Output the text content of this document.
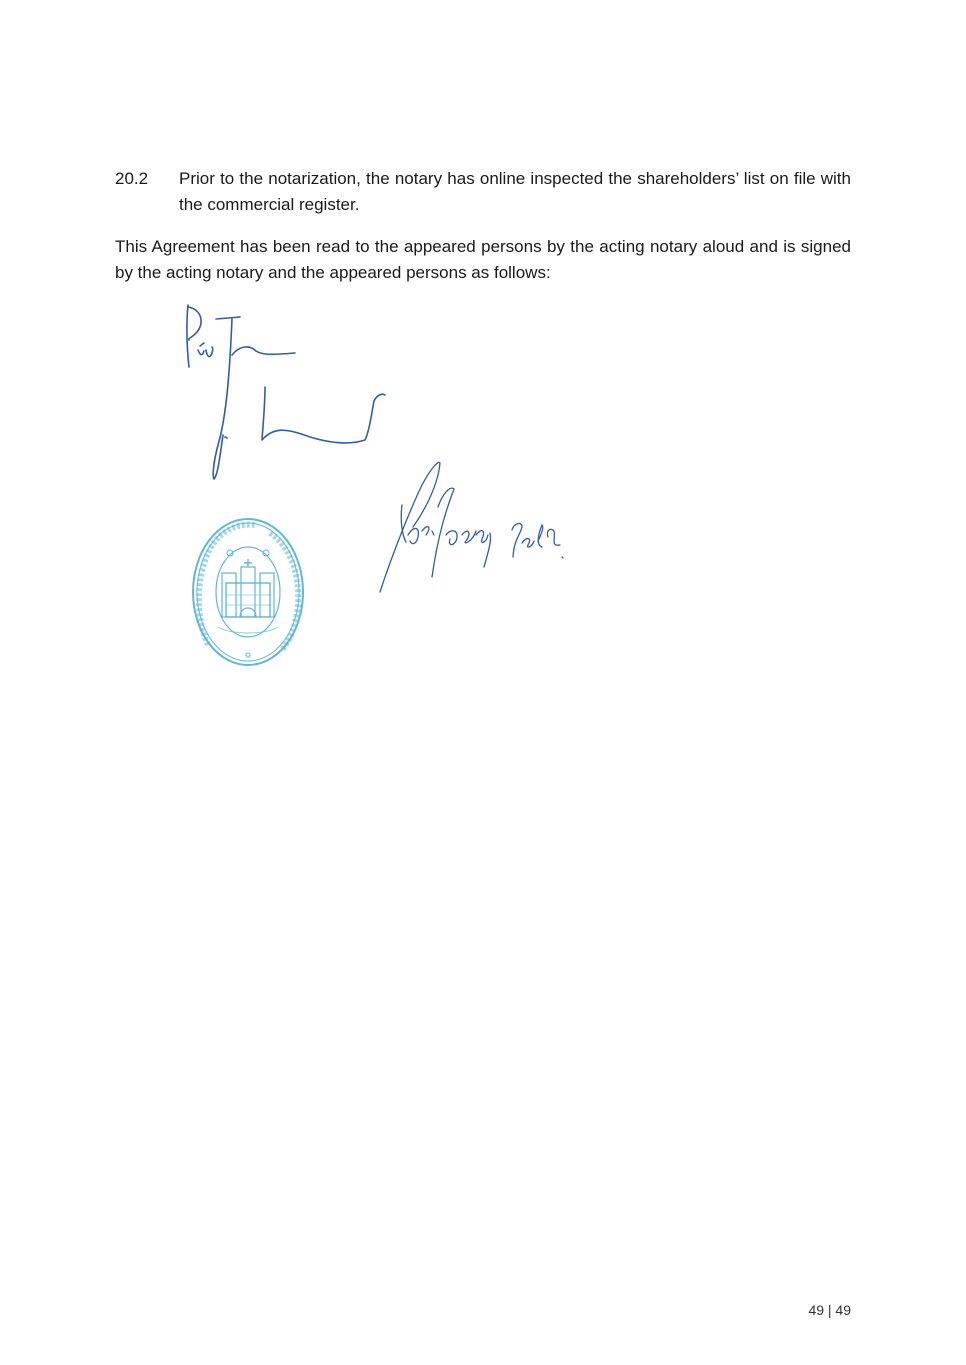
20.2	Prior to the notarization, the notary has online inspected the shareholders’ list on file with the commercial register.
This Agreement has been read to the appeared persons by the acting notary aloud and is signed by the acting notary and the appeared persons as follows:
49 | 49
